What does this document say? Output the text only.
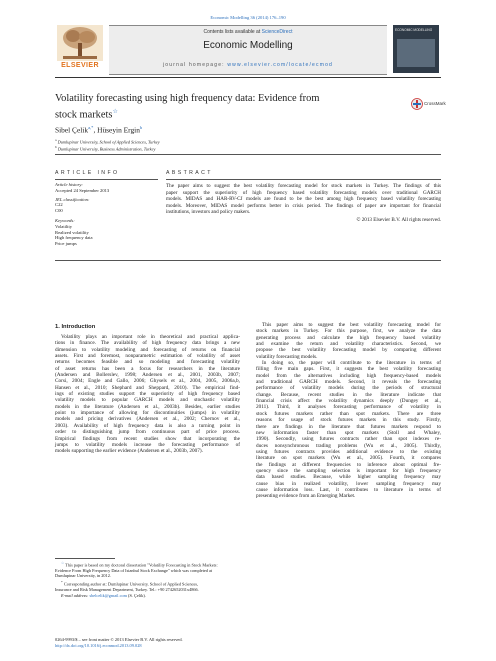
Economic Modelling 36 (2014) 176–190
ELSEVIER
Contents lists available at ScienceDirect
Economic Modelling
journal homepage: www.elsevier.com/locate/ecmod
ECONOMIC MODELLING
Volatility forecasting using high frequency data: Evidence from
stock markets☆
CrossMark
Sibel Çelik$^{a,*}$, Hüseyin Ergin$^b$
$^a$ Dumlupinar University, School of Applied Sciences, Turkey
$^b$ Dumlupinar University, Business Administration, Turkey
ARTICLE INFO
Article history:
Accepted 24 September 2013
JEL classification:
C22
C00
Keywords:
Volatility
Realized volatility
High frequency data
Price jumps
ABSTRACT
The paper aims to suggest the best volatility forecasting model for stock markets in Turkey. The findings of this
paper support the superiority of high frequency based volatility forecasting models over traditional GARCH
models. MIDAS and HAR-RV-CJ models are found to be the best among high frequency based volatility forecasting
models. Moreover, MIDAS model performs better in crisis period. The findings of paper are important for financial
institutions, investors and policy makers.
© 2013 Elsevier B.V. All rights reserved.
1. Introduction
Volatility plays an important role in theoretical and practical applica-
tions in finance. The availability of high frequency data brings a new
dimension to volatility modeling and forecasting of returns on financial
assets. First and foremost, nonparametric estimation of volatility of asset
returns becomes feasible and so modeling and forecasting volatility
of asset returns has been a focus for researchers in the literature
(Andersen and Bollerslev, 1998; Andersen et al., 2001, 2003b, 2007;
Corsi, 2004; Engle and Gallo, 2006; Ghysels et al., 2004, 2005, 2006a,b,
Hansen et al., 2010; Shephard and Sheppard, 2010). The empirical find-
ings of existing studies support the superiority of high frequency based
volatility models to popular GARCH models and stochastic volatility
models in the literature (Andersen et al., 2003b). Besides, earlier studies
point to importance of allowing for discontinuities (jumps) in volatility
models and pricing derivatives (Andersen et al., 2002; Chernov et al.,
2003). Availability of high frequency data is also a turning point in
order to distinguishing jump from continuous part of price process.
Empirical findings from recent studies show that incorporating the
jumps to volatility models increase the forecasting performance of
models supporting the earlier evidence (Andersen et al., 2003b, 2007).
This paper aims to suggest the best volatility forecasting model for
stock markets in Turkey. For this purpose, first, we analyze the data
generating process and calculate the high frequency based volatility
and examine the return and volatility characteristics. Second, we
propose the best volatility forecasting model by comparing different
volatility forecasting models.
In doing so, the paper will contribute to the literature in terms of
filling five main gaps. First, it suggests the best volatility forecasting
model from the alternatives including high frequency-based models
and traditional GARCH models. Second, it reveals the forecasting
performance of volatility models during the periods of structural
change. Because, recent studies in the literature indicate that
financial crisis affect the volatility dynamics deeply (Dungey et al.,
2011). Third, it analyses forecasting performance of volatility in
stock futures markets rather than spot markets. There are three
reasons for usage of stock futures markets in this study. Firstly,
there are findings in the literature that futures markets respond to
new information faster than spot markets (Stoll and Whaley,
1990). Secondly, using futures contracts rather than spot indexes re-
duces nonsynchronous trading problems (Wu et al., 2005). Thirdly,
using futures contracts provides additional evidence to the existing
literature on spot markets (Wu et al., 2005). Fourth, it compares
the findings at different frequencies to inference about optimal fre-
quency since the sampling selection is important for high frequency
data based studies. Because, while higher sampling frequency may
cause bias in realized volatility, lower sampling frequency may
cause information loss. Last, it contributes to literature in terms of
presenting evidence from an Emerging Market.
☆ This paper is based on my doctoral dissertation "Volatility Forecasting in Stock Markets:
Evidence From High Frequency Data of Istanbul Stock Exchange" which was completed at
Dumlupinar University, in 2012.
* Corresponding author at: Dumlupinar University, School of Applied Sciences,
Insurance and Risk Management Department, Turkey. Tel.: +90 2742652031x4866.
E-mail address: sbelcelik@gmail.com (S. Çelik).
0264-9993/$ – see front matter © 2013 Elsevier B.V. All rights reserved.
http://dx.doi.org/10.1016/j.econmod.2013.09.028
